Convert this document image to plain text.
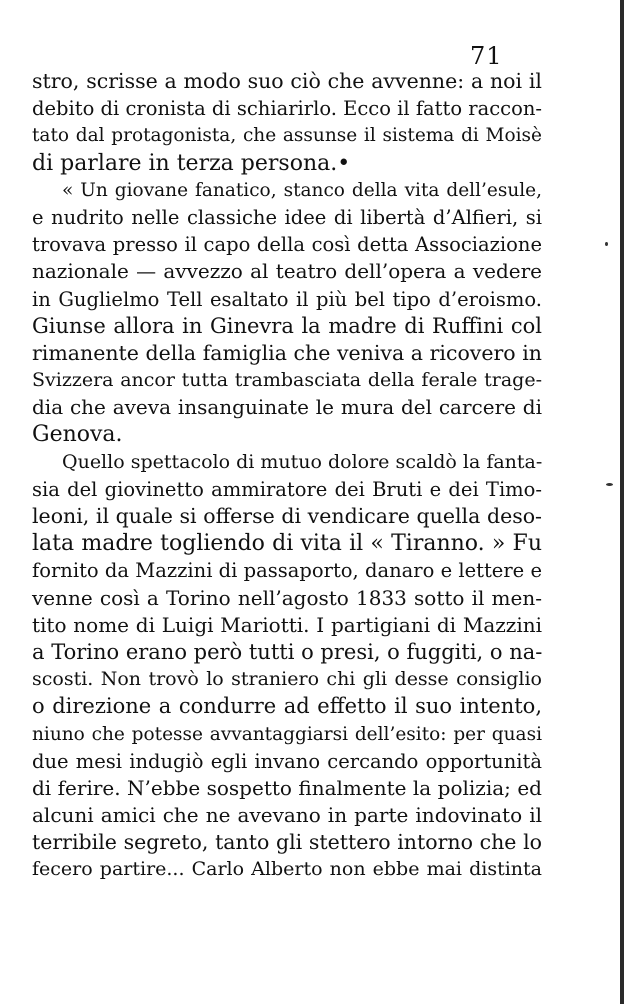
71
stro, scrisse a modo suo ciò che avvenne: a noi il
debito di cronista di schiarirlo. Ecco il fatto raccon-
tato dal protagonista, che assunse il sistema di Moisè
di parlare in terza persona.•
« Un giovane fanatico, stanco della vita dell’esule,
e nudrito nelle classiche idee di libertà d’Alfieri, si
trovava presso il capo della così detta Associazione
nazionale — avvezzo al teatro dell’opera a vedere
in Guglielmo Tell esaltato il più bel tipo d’eroismo.
Giunse allora in Ginevra la madre di Ruffini col
rimanente della famiglia che veniva a ricovero in
Svizzera ancor tutta trambasciata della ferale trage-
dia che aveva insanguinate le mura del carcere di
Genova.
Quello spettacolo di mutuo dolore scaldò la fanta-
sia del giovinetto ammiratore dei Bruti e dei Timo-
leoni, il quale si offerse di vendicare quella deso-
lata madre togliendo di vita il « Tiranno. » Fu
fornito da Mazzini di passaporto, danaro e lettere e
venne così a Torino nell’agosto 1833 sotto il men-
tito nome di Luigi Mariotti. I partigiani di Mazzini
a Torino erano però tutti o presi, o fuggiti, o na-
scosti. Non trovò lo straniero chi gli desse consiglio
o direzione a condurre ad effetto il suo intento,
niuno che potesse avvantaggiarsi dell’esito: per quasi
due mesi indugiò egli invano cercando opportunità
di ferire. N’ebbe sospetto finalmente la polizia; ed
alcuni amici che ne avevano in parte indovinato il
terribile segreto, tanto gli stettero intorno che lo
fecero partire... Carlo Alberto non ebbe mai distinta
